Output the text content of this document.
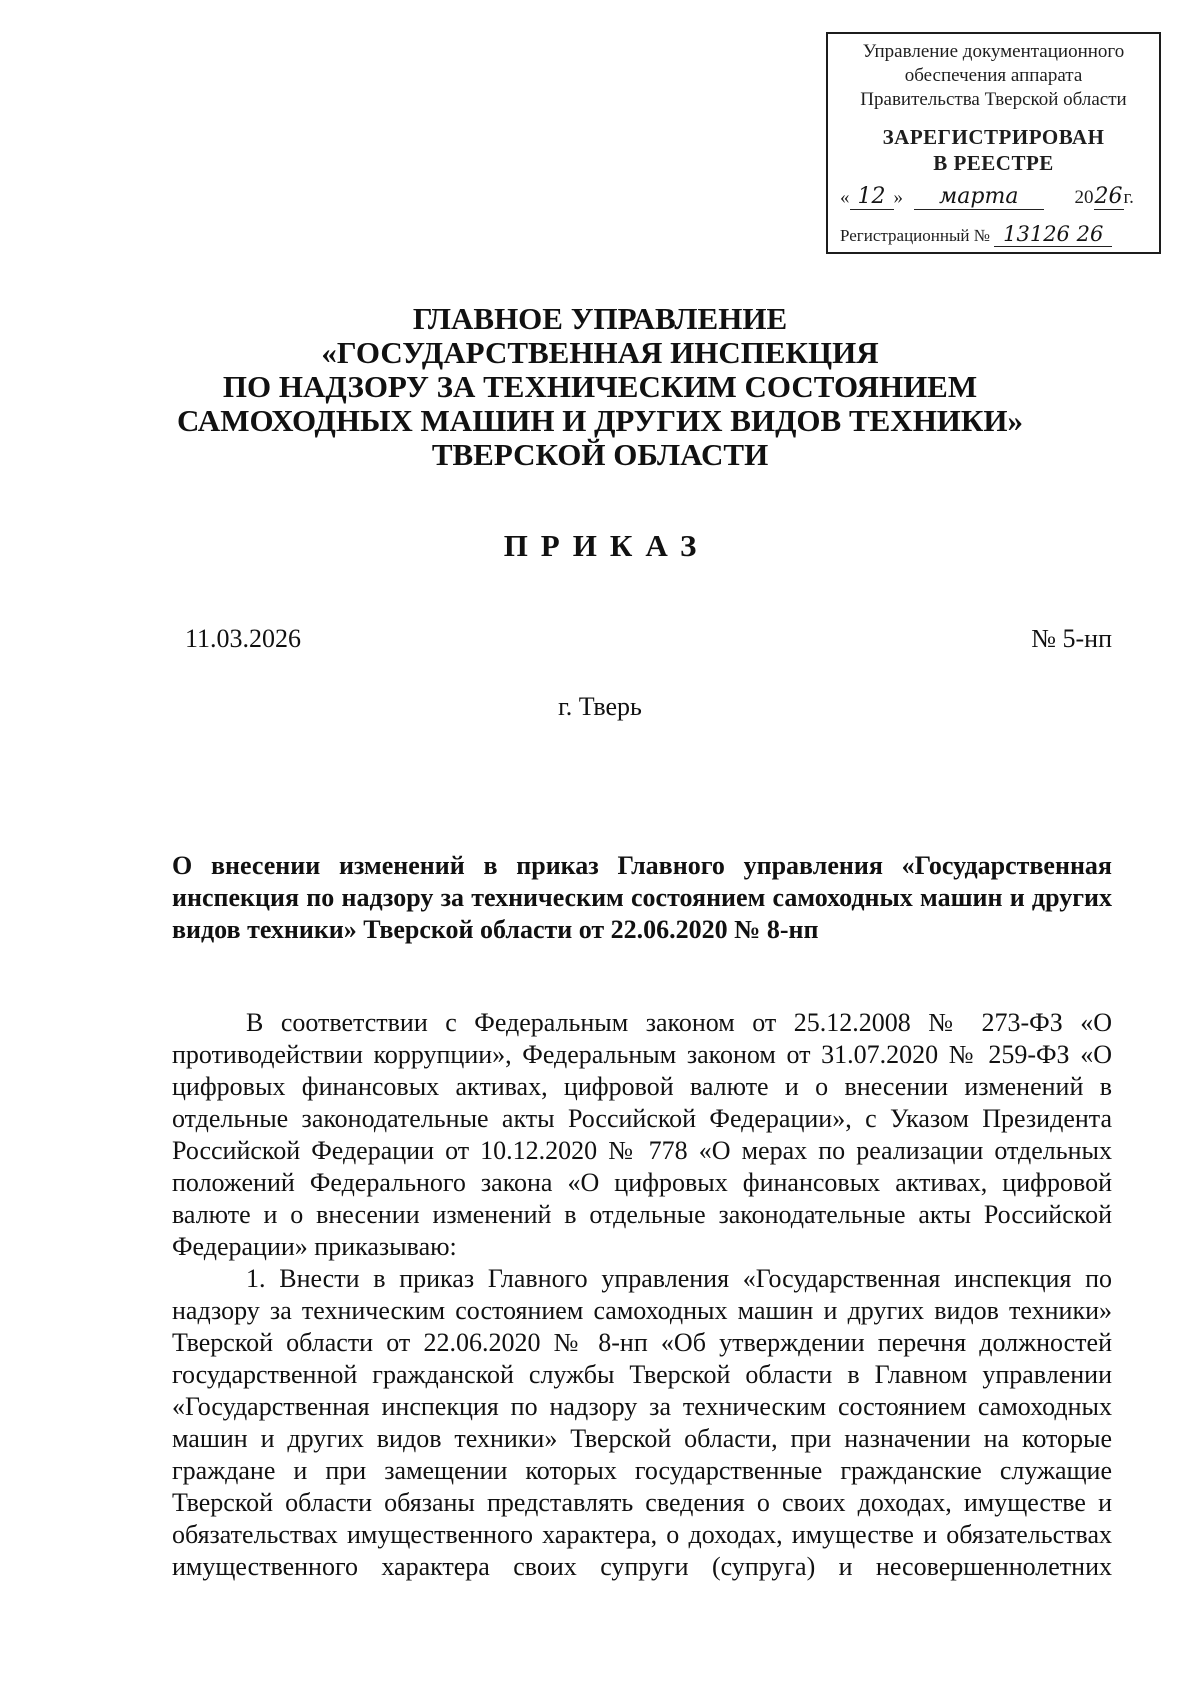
Управление документационного
обеспечения аппарата
Правительства Тверской области
ЗАРЕГИСТРИРОВАН
В РЕЕСТРЕ
« 12 » марта	2026г.
Регистрационный № 13126 26
ГЛАВНОЕ УПРАВЛЕНИЕ
«ГОСУДАРСТВЕННАЯ ИНСПЕКЦИЯ
ПО НАДЗОРУ ЗА ТЕХНИЧЕСКИМ СОСТОЯНИЕМ
САМОХОДНЫХ МАШИН И ДРУГИХ ВИДОВ ТЕХНИКИ»
ТВЕРСКОЙ ОБЛАСТИ
ПРИКАЗ
11.03.2026	№ 5-нп
г. Тверь
О внесении изменений в приказ Главного управления «Государственная инспекция по надзору за техническим состоянием самоходных машин и других видов техники» Тверской области от 22.06.2020 № 8-нп

В соответствии с Федеральным законом от 25.12.2008 № 273-ФЗ «О противодействии коррупции», Федеральным законом от 31.07.2020 № 259-ФЗ «О цифровых финансовых активах, цифровой валюте и о внесении изменений в отдельные законодательные акты Российской Федерации», с Указом Президента Российской Федерации от 10.12.2020 № 778 «О мерах по реализации отдельных положений Федерального закона «О цифровых финансовых активах, цифровой валюте и о внесении изменений в отдельные законодательные акты Российской Федерации» приказываю:

1. Внести в приказ Главного управления «Государственная инспекция по надзору за техническим состоянием самоходных машин и других видов техники» Тверской области от 22.06.2020 № 8-нп «Об утверждении перечня должностей государственной гражданской службы Тверской области в Главном управлении «Государственная инспекция по надзору за техническим состоянием самоходных машин и других видов техники» Тверской области, при назначении на которые граждане и при замещении которых государственные гражданские служащие Тверской области обязаны представлять сведения о своих доходах, имуществе и обязательствах имущественного характера, о доходах, имуществе и обязательствах имущественного характера своих супруги (супруга) и несовершеннолетних
